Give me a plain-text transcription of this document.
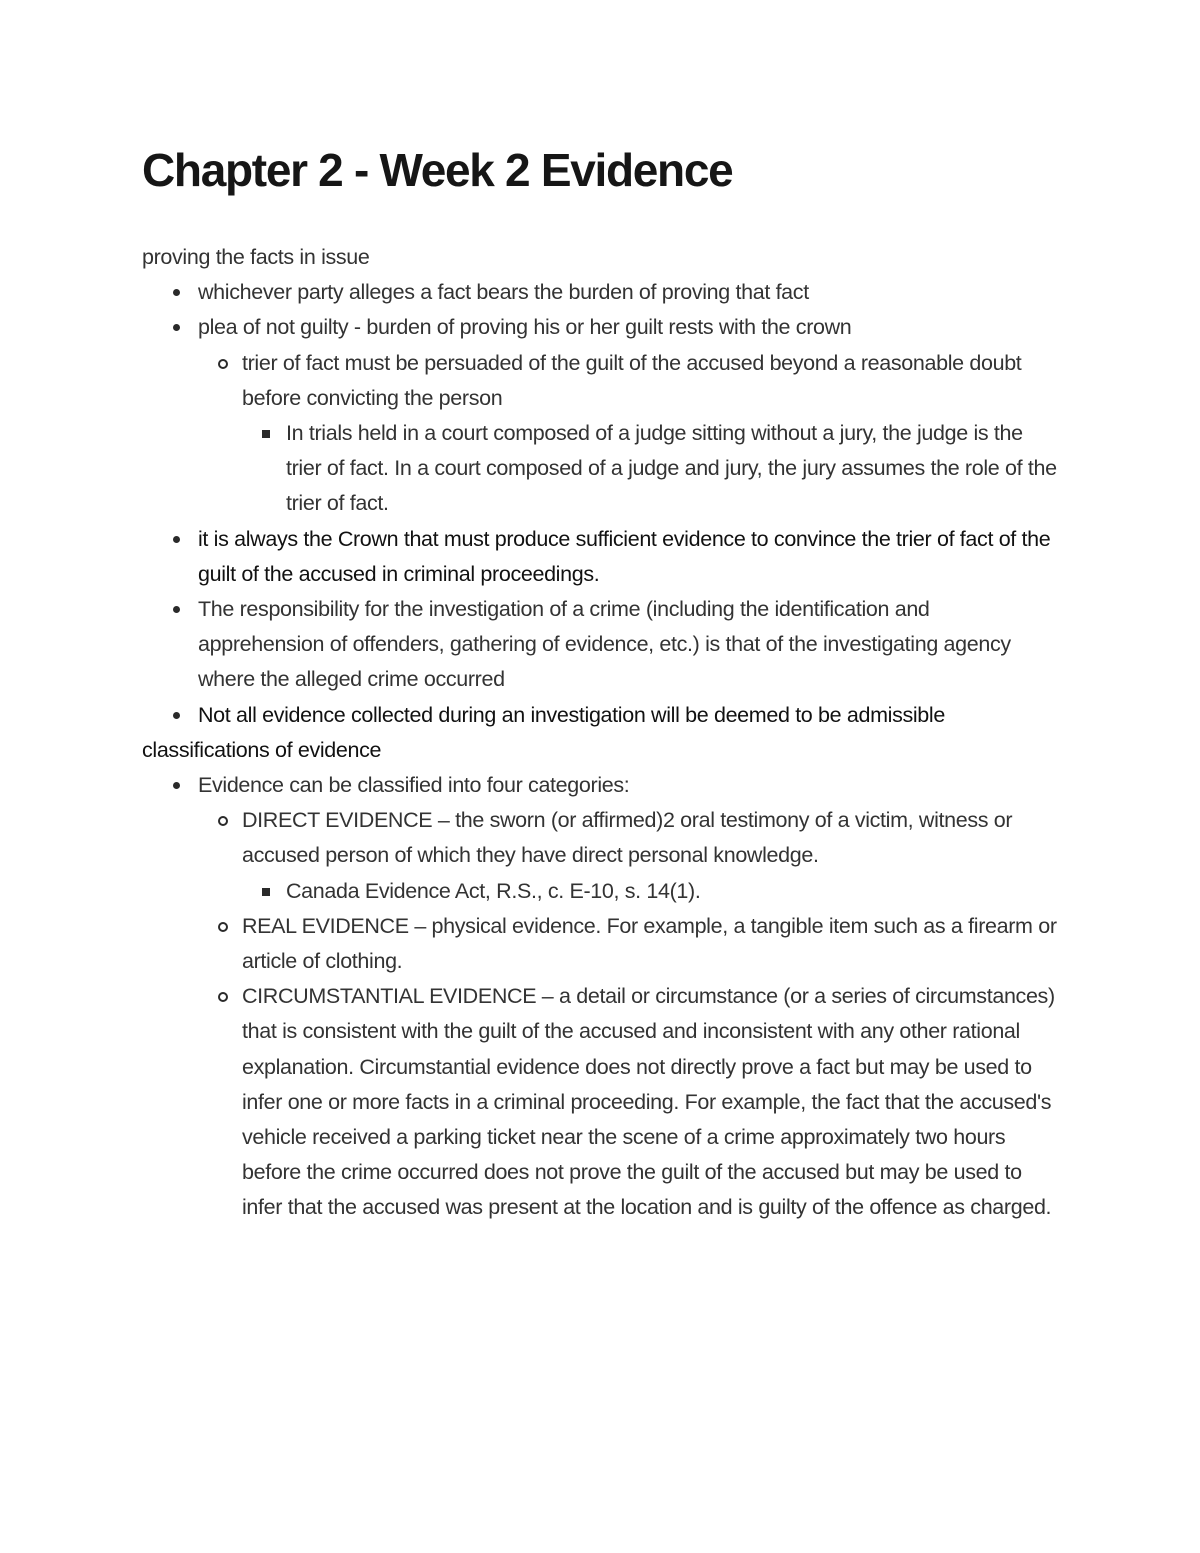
Chapter 2 - Week 2 Evidence

proving the facts in issue

whichever party alleges a fact bears the burden of proving that fact
plea of not guilty - burden of proving his or her guilt rests with the crown
trier of fact must be persuaded of the guilt of the accused beyond a reasonable doubt before convicting the person
In trials held in a court composed of a judge sitting without a jury, the judge is the trier of fact. In a court composed of a judge and jury, the jury assumes the role of the trier of fact.
it is always the Crown that must produce sufficient evidence to convince the trier of fact of the guilt of the accused in criminal proceedings.
The responsibility for the investigation of a crime (including the identification and apprehension of offenders, gathering of evidence, etc.) is that of the investigating agency where the alleged crime occurred
Not all evidence collected during an investigation will be deemed to be admissible

classifications of evidence

Evidence can be classified into four categories:
DIRECT EVIDENCE – the sworn (or affirmed)2 oral testimony of a victim, witness or accused person of which they have direct personal knowledge.
Canada Evidence Act, R.S., c. E-10, s. 14(1).
REAL EVIDENCE – physical evidence. For example, a tangible item such as a firearm or article of clothing.
CIRCUMSTANTIAL EVIDENCE – a detail or circumstance (or a series of circumstances) that is consistent with the guilt of the accused and inconsistent with any other rational explanation. Circumstantial evidence does not directly prove a fact but may be used to infer one or more facts in a criminal proceeding. For example, the fact that the accused's vehicle received a parking ticket near the scene of a crime approximately two hours before the crime occurred does not prove the guilt of the accused but may be used to infer that the accused was present at the location and is guilty of the offence as charged.
